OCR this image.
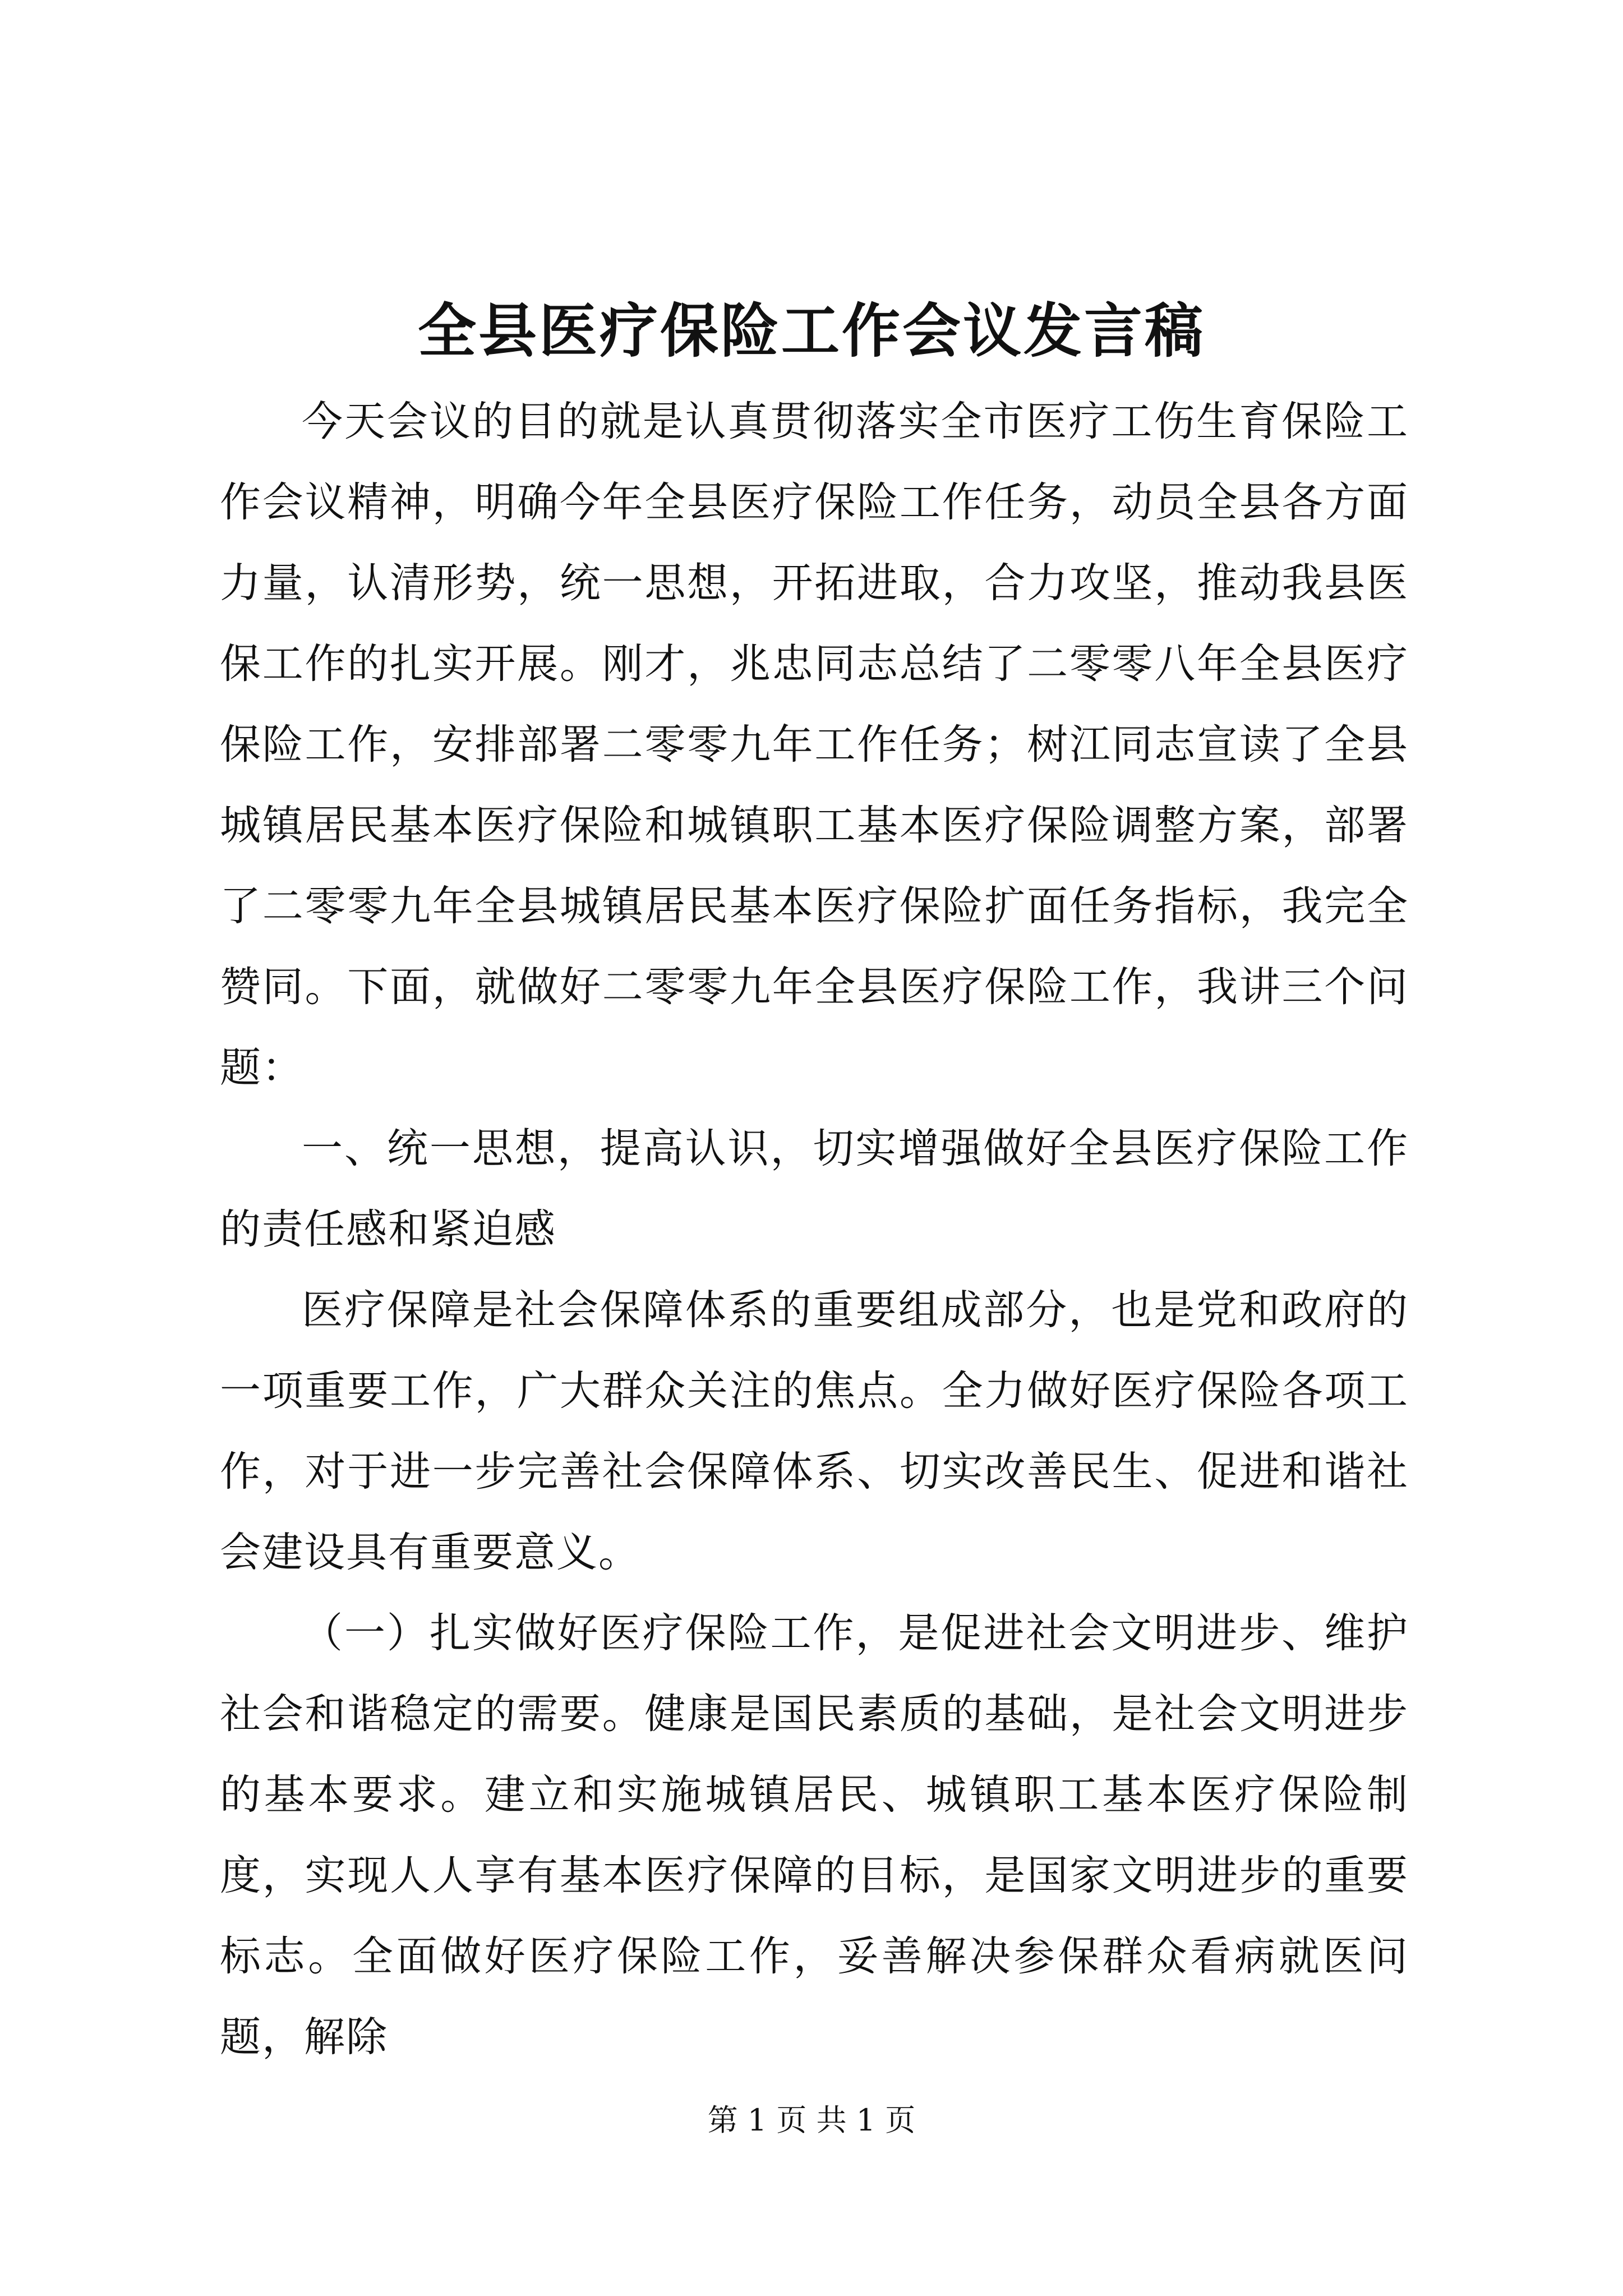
全县医疗保险工作会议发言稿

今天会议的目的就是认真贯彻落实全市医疗工伤生育保险工作会议精神，明确今年全县医疗保险工作任务，动员全县各方面力量，认清形势，统一思想，开拓进取，合力攻坚，推动我县医保工作的扎实开展。刚才，兆忠同志总结了二零零八年全县医疗保险工作，安排部署二零零九年工作任务；树江同志宣读了全县城镇居民基本医疗保险和城镇职工基本医疗保险调整方案，部署了二零零九年全县城镇居民基本医疗保险扩面任务指标，我完全赞同。下面，就做好二零零九年全县医疗保险工作，我讲三个问题：

一、统一思想，提高认识，切实增强做好全县医疗保险工作的责任感和紧迫感

医疗保障是社会保障体系的重要组成部分，也是党和政府的一项重要工作，广大群众关注的焦点。全力做好医疗保险各项工作，对于进一步完善社会保障体系、切实改善民生、促进和谐社会建设具有重要意义。

（一）扎实做好医疗保险工作，是促进社会文明进步、维护社会和谐稳定的需要。健康是国民素质的基础，是社会文明进步的基本要求。建立和实施城镇居民、城镇职工基本医疗保险制度，实现人人享有基本医疗保障的目标，是国家文明进步的重要标志。全面做好医疗保险工作，妥善解决参保群众看病就医问题，解除

第 1 页 共 1 页
